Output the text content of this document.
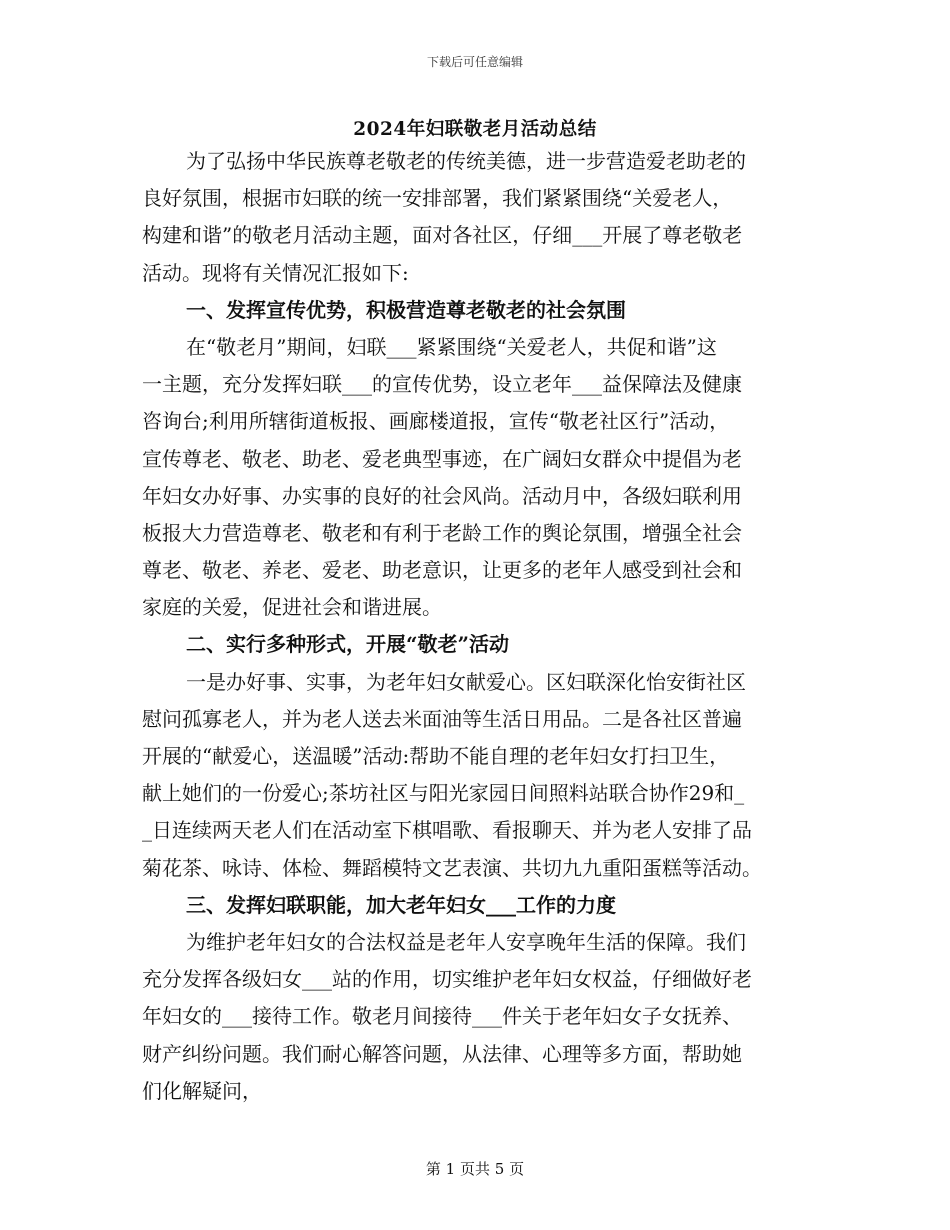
下载后可任意编辑
2024年妇联敬老月活动总结
为了弘扬中华民族尊老敬老的传统美德，进一步营造爱老助老的
良好氛围，根据市妇联的统一安排部署，我们紧紧围绕“关爱老人，
构建和谐”的敬老月活动主题，面对各社区，仔细___开展了尊老敬老
活动。现将有关情况汇报如下:
一、发挥宣传优势，积极营造尊老敬老的社会氛围
在“敬老月”期间，妇联___紧紧围绕“关爱老人，共促和谐”这
一主题，充分发挥妇联___的宣传优势，设立老年___益保障法及健康
咨询台;利用所辖街道板报、画廊楼道报，宣传“敬老社区行”活动，
宣传尊老、敬老、助老、爱老典型事迹，在广阔妇女群众中提倡为老
年妇女办好事、办实事的良好的社会风尚。活动月中，各级妇联利用
板报大力营造尊老、敬老和有利于老龄工作的舆论氛围，增强全社会
尊老、敬老、养老、爱老、助老意识，让更多的老年人感受到社会和
家庭的关爱，促进社会和谐进展。
二、实行多种形式，开展“敬老”活动
一是办好事、实事，为老年妇女献爱心。区妇联深化怡安街社区
慰问孤寡老人，并为老人送去米面油等生活日用品。二是各社区普遍
开展的“献爱心，送温暖”活动:帮助不能自理的老年妇女打扫卫生，
献上她们的一份爱心;茶坊社区与阳光家园日间照料站联合协作29和_
_日连续两天老人们在活动室下棋唱歌、看报聊天、并为老人安排了品
菊花茶、咏诗、体检、舞蹈模特文艺表演、共切九九重阳蛋糕等活动。
三、发挥妇联职能，加大老年妇女___工作的力度
为维护老年妇女的合法权益是老年人安享晚年生活的保障。我们
充分发挥各级妇女___站的作用，切实维护老年妇女权益，仔细做好老
年妇女的___接待工作。敬老月间接待___件关于老年妇女子女抚养、
财产纠纷问题。我们耐心解答问题，从法律、心理等多方面，帮助她
们化解疑问，
第 1 页共 5 页
